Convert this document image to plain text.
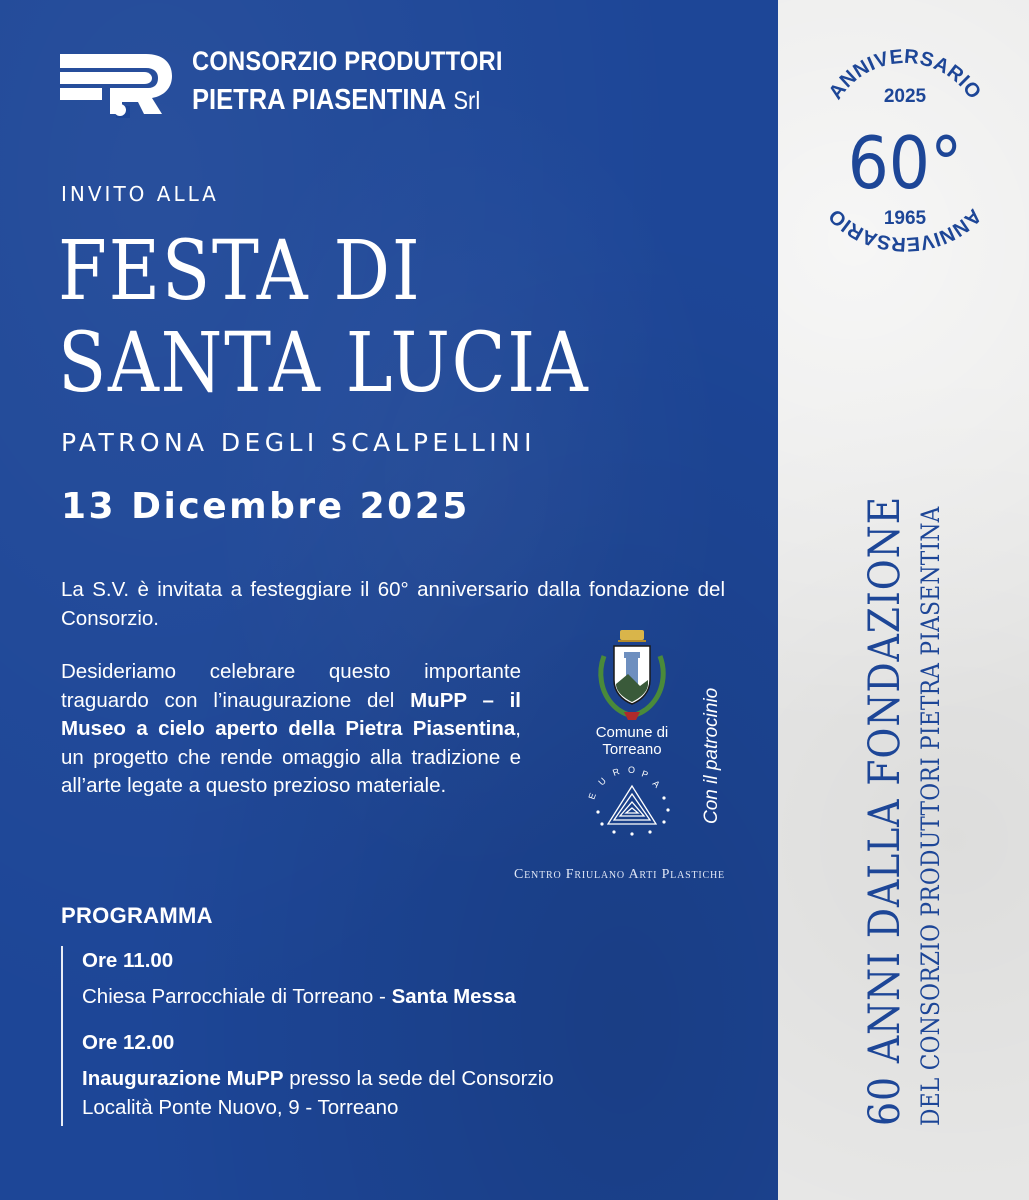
CONSORZIO PRODUTTORI
PIETRA PIASENTINA Srl
INVITO ALLA
FESTA DI
SANTA LUCIA
PATRONA DEGLI SCALPELLINI
13 Dicembre 2025
La S.V. è invitata a festeggiare il 60° anniversario dalla fondazione del Consorzio.
Desideriamo celebrare questo importante traguardo con l’inaugurazione del MuPP – il Museo a cielo aperto della Pietra Piasentina, un progetto che rende omaggio alla tradizione e all’arte legate a questo prezioso materiale.
Comune di
Torreano
E
U
R O P
A Con il patrocinio
Centro Friulano Arti Plastiche
PROGRAMMA
Ore 11.00
Chiesa Parrocchiale di Torreano - Santa Messa
Ore 12.00
Inaugurazione MuPP presso la sede del Consorzio
Località Ponte Nuovo, 9 - Torreano
ANNIVERSARIO
2025
60°
1965	ANNIVERSARIO
60 ANNI DALLA FONDAZIONE DEL CONSORZIO PRODUTTORI PIETRA PIASENTINA
